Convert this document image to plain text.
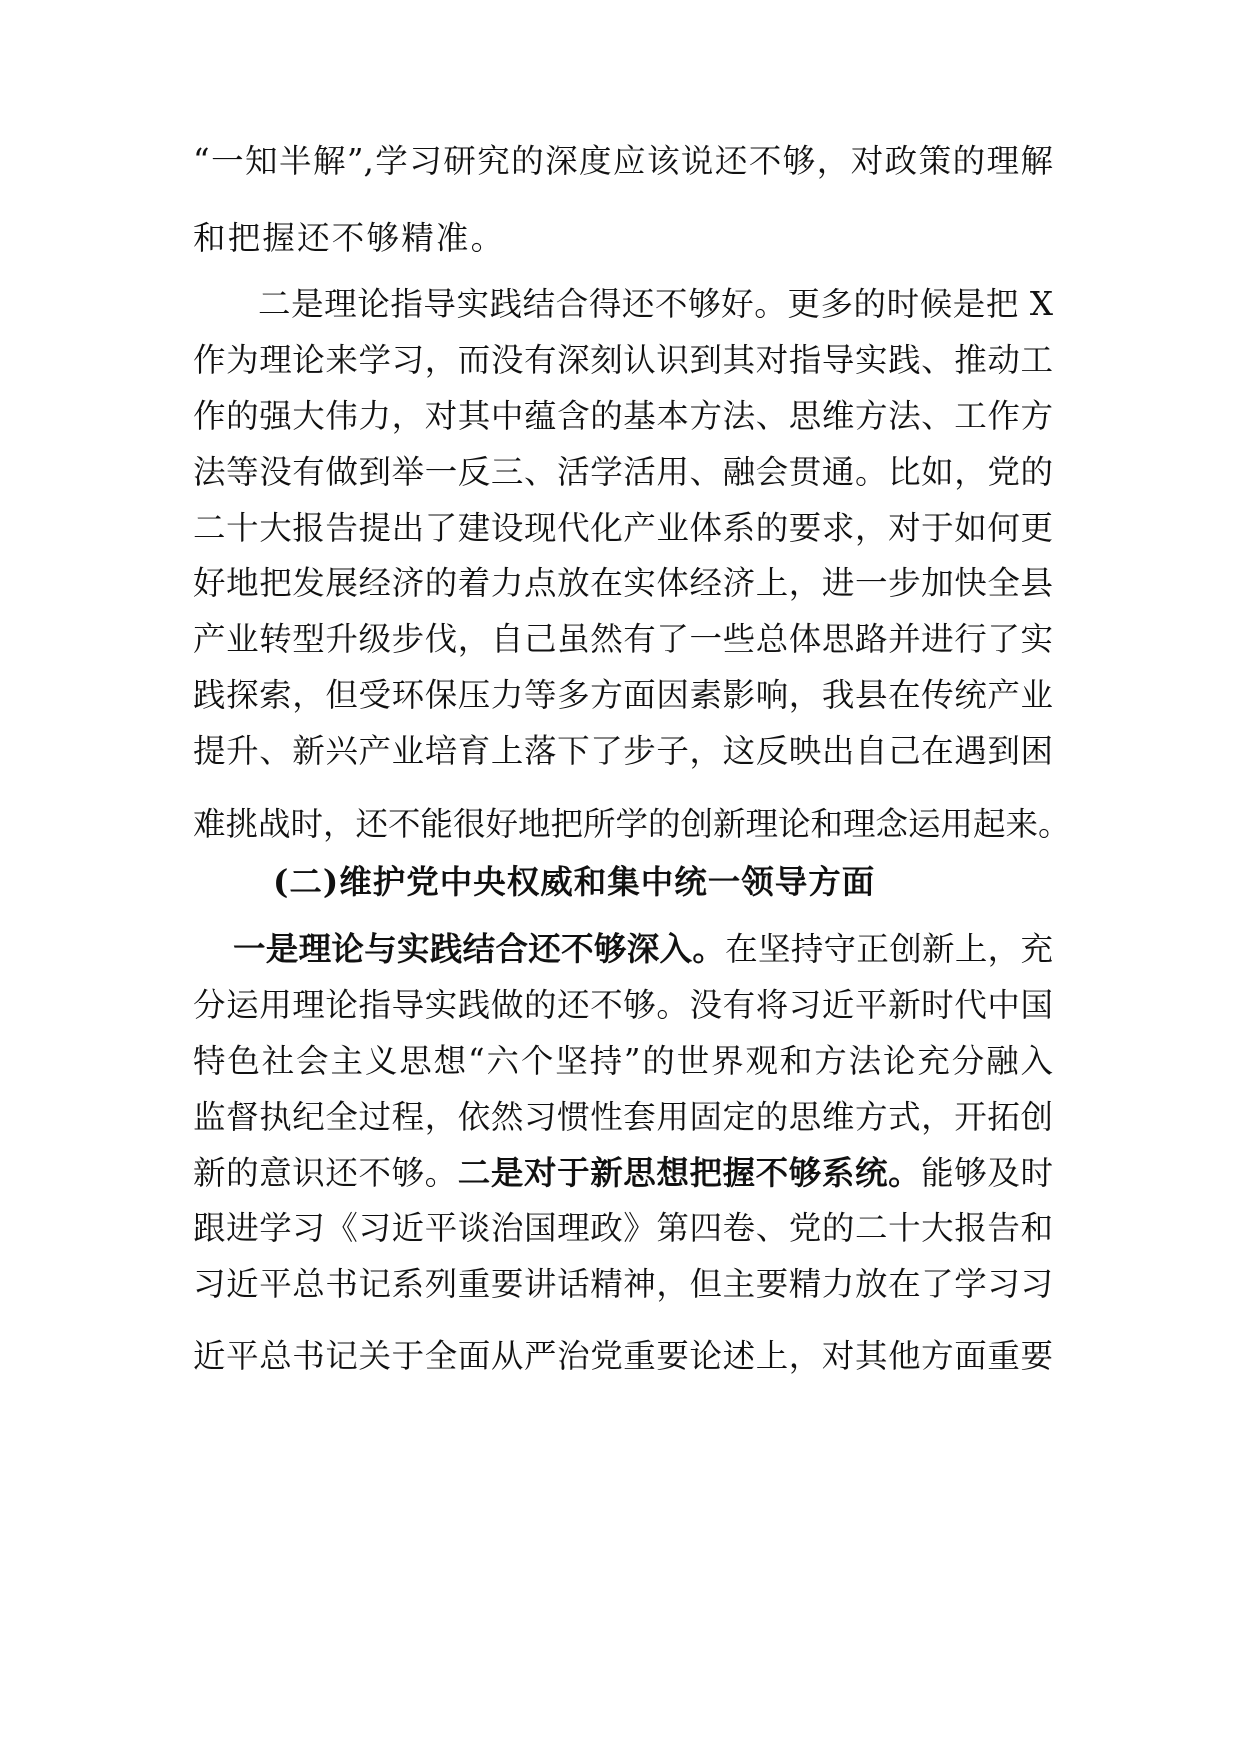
“一知半解”,学习研究的深度应该说还不够，对政策的理解
和把握还不够精准。
二是理论指导实践结合得还不够好。更多的时候是把 X
作为理论来学习，而没有深刻认识到其对指导实践、推动工
作的强大伟力，对其中蕴含的基本方法、思维方法、工作方
法等没有做到举一反三、活学活用、融会贯通。比如，党的
二十大报告提出了建设现代化产业体系的要求，对于如何更
好地把发展经济的着力点放在实体经济上，进一步加快全县
产业转型升级步伐，自己虽然有了一些总体思路并进行了实
践探索，但受环保压力等多方面因素影响，我县在传统产业
提升、新兴产业培育上落下了步子，这反映出自己在遇到困
难挑战时，还不能很好地把所学的创新理论和理念运用起来。
(二)维护党中央权威和集中统一领导方面
一是理论与实践结合还不够深入。在坚持守正创新上，充
分运用理论指导实践做的还不够。没有将习近平新时代中国
特色社会主义思想“六个坚持”的世界观和方法论充分融入
监督执纪全过程，依然习惯性套用固定的思维方式，开拓创
新的意识还不够。二是对于新思想把握不够系统。能够及时
跟进学习《习近平谈治国理政》第四卷、党的二十大报告和
习近平总书记系列重要讲话精神，但主要精力放在了学习习
近平总书记关于全面从严治党重要论述上，对其他方面重要
